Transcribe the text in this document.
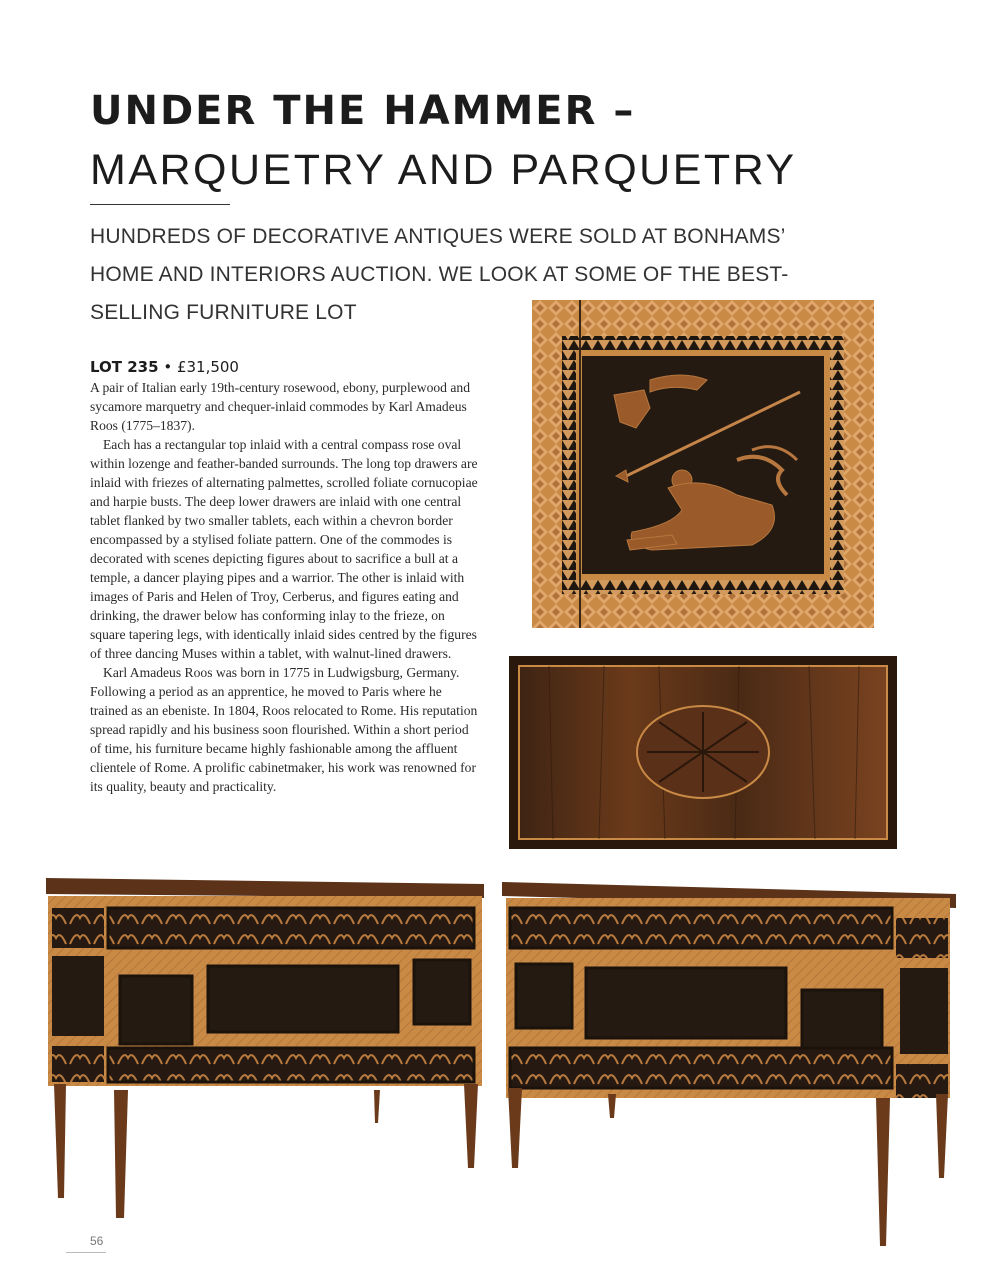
UNDER THE HAMMER –
MARQUETRY AND PARQUETRY

HUNDREDS OF DECORATIVE ANTIQUES WERE SOLD AT BONHAMS’ HOME AND INTERIORS AUCTION. WE LOOK AT SOME OF THE BEST-SELLING FURNITURE LOT

LOT 235 • £31,500

A pair of Italian early 19th-century rosewood, ebony, purplewood and sycamore marquetry and chequer-inlaid commodes by Karl Amadeus Roos (1775–1837).

Each has a rectangular top inlaid with a central compass rose oval within lozenge and feather-banded surrounds. The long top drawers are inlaid with friezes of alternating palmettes, scrolled foliate cornucopiae and harpie busts. The deep lower drawers are inlaid with one central tablet flanked by two smaller tablets, each within a chevron border encompassed by a stylised foliate pattern. One of the commodes is decorated with scenes depicting figures about to sacrifice a bull at a temple, a dancer playing pipes and a warrior. The other is inlaid with images of Paris and Helen of Troy, Cerberus, and figures eating and drinking, the drawer below has conforming inlay to the frieze, on square tapering legs, with identically inlaid sides centred by the figures of three dancing Muses within a tablet, with walnut-lined drawers.

Karl Amadeus Roos was born in 1775 in Ludwigsburg, Germany. Following a period as an apprentice, he moved to Paris where he trained as an ebeniste. In 1804, Roos relocated to Rome. His reputation spread rapidly and his business soon flourished. Within a short period of time, his furniture became highly fashionable among the affluent clientele of Rome. A prolific cabinetmaker, his work was renowned for its quality, beauty and practicality.

56
